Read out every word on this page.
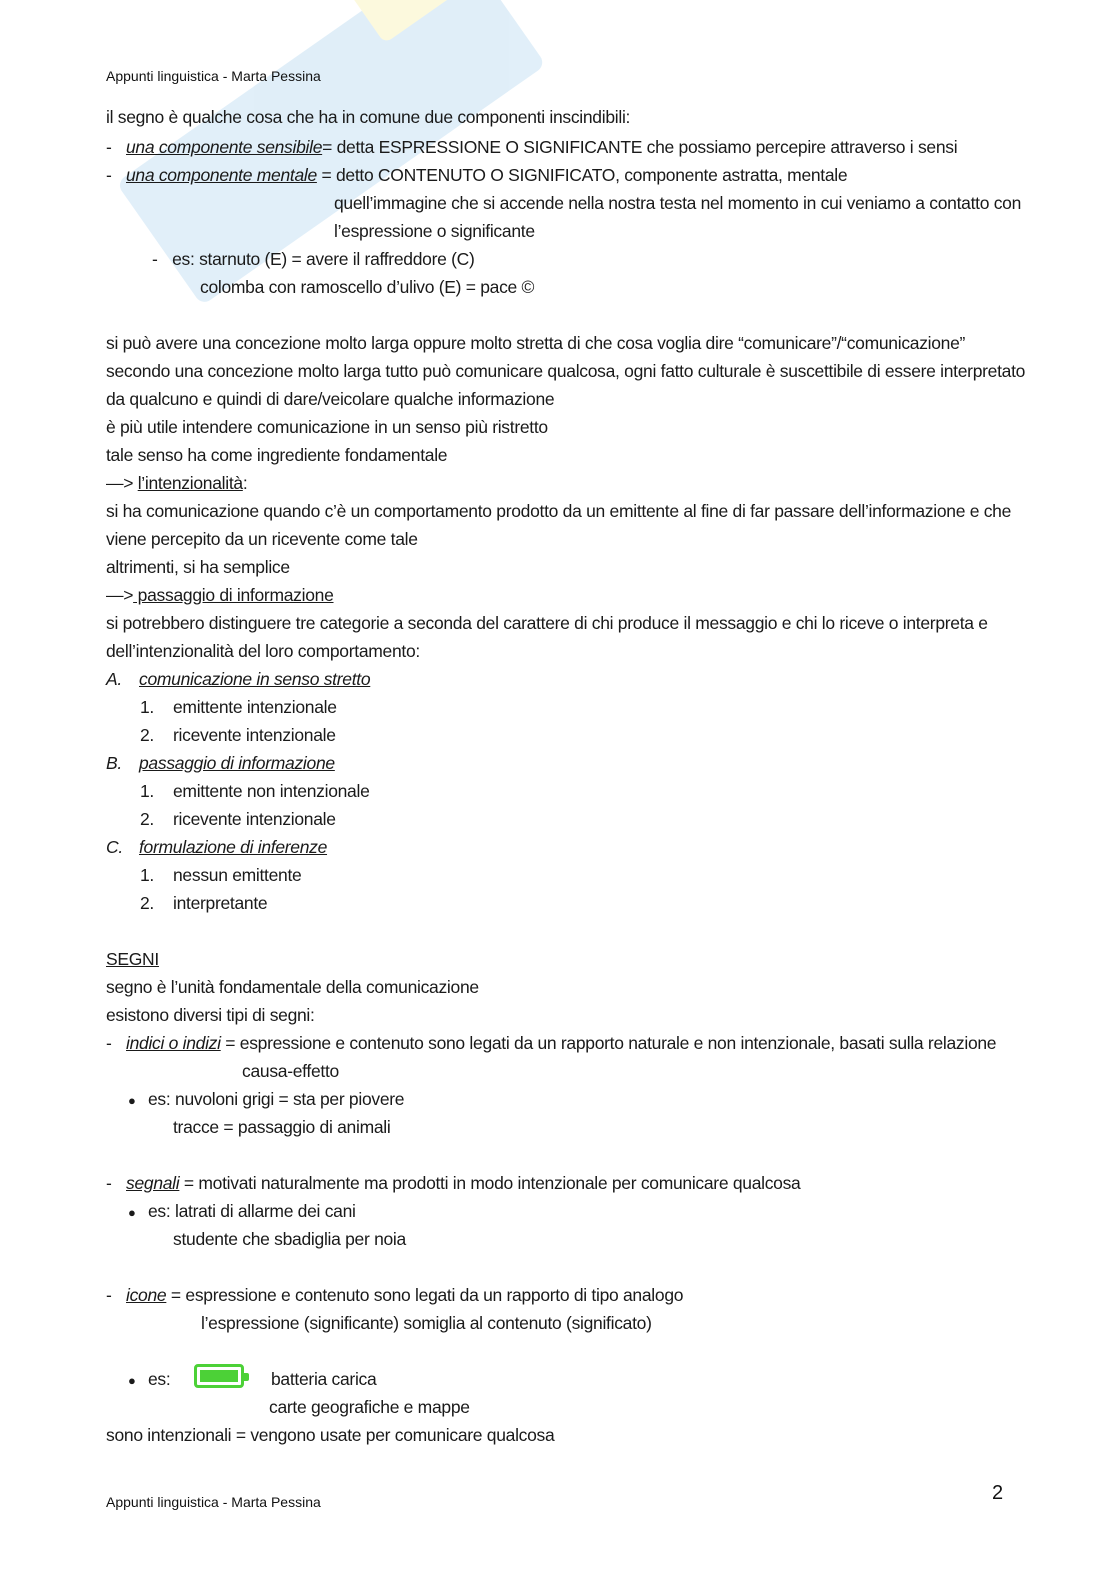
Appunti linguistica - Marta Pessina
il segno è qualche cosa che ha in comune due componenti inscindibili:
- una componente sensibile= detta ESPRESSIONE O SIGNIFICANTE che possiamo percepire attraverso i sensi
- una componente mentale = detto CONTENUTO O SIGNIFICATO, componente astratta, mentale
quell’immagine che si accende nella nostra testa nel momento in cui veniamo a contatto con
l’espressione o significante
- es: starnuto (E) = avere il raffreddore (C)
colomba con ramoscello d’ulivo (E) = pace ©
si può avere una concezione molto larga oppure molto stretta di che cosa voglia dire “comunicare”/“comunicazione”
secondo una concezione molto larga tutto può comunicare qualcosa, ogni fatto culturale è suscettibile di essere interpretato
da qualcuno e quindi di dare/veicolare qualche informazione
è più utile intendere comunicazione in un senso più ristretto
tale senso ha come ingrediente fondamentale
—> l’intenzionalità:
si ha comunicazione quando c’è un comportamento prodotto da un emittente al fine di far passare dell’informazione e che
viene percepito da un ricevente come tale
altrimenti, si ha semplice
—> passaggio di informazione
si potrebbero distinguere tre categorie a seconda del carattere di chi produce il messaggio e chi lo riceve o interpreta e
dell’intenzionalità del loro comportamento:
A. comunicazione in senso stretto
1. emittente intenzionale
2. ricevente intenzionale
B. passaggio di informazione
1. emittente non intenzionale
2. ricevente intenzionale
C. formulazione di inferenze
1. nessun emittente
2. interpretante
SEGNI
segno è l’unità fondamentale della comunicazione
esistono diversi tipi di segni:
- indici o indizi = espressione e contenuto sono legati da un rapporto naturale e non intenzionale, basati sulla relazione
causa-effetto
● es: nuvoloni grigi = sta per piovere
tracce = passaggio di animali
- segnali = motivati naturalmente ma prodotti in modo intenzionale per comunicare qualcosa
● es: latrati di allarme dei cani
studente che sbadiglia per noia
- icone = espressione e contenuto sono legati da un rapporto di tipo analogo
l’espressione (significante) somiglia al contenuto (significato)
● es:	batteria carica
carte geografiche e mappe
sono intenzionali = vengono usate per comunicare qualcosa
Appunti linguistica - Marta Pessina	2
